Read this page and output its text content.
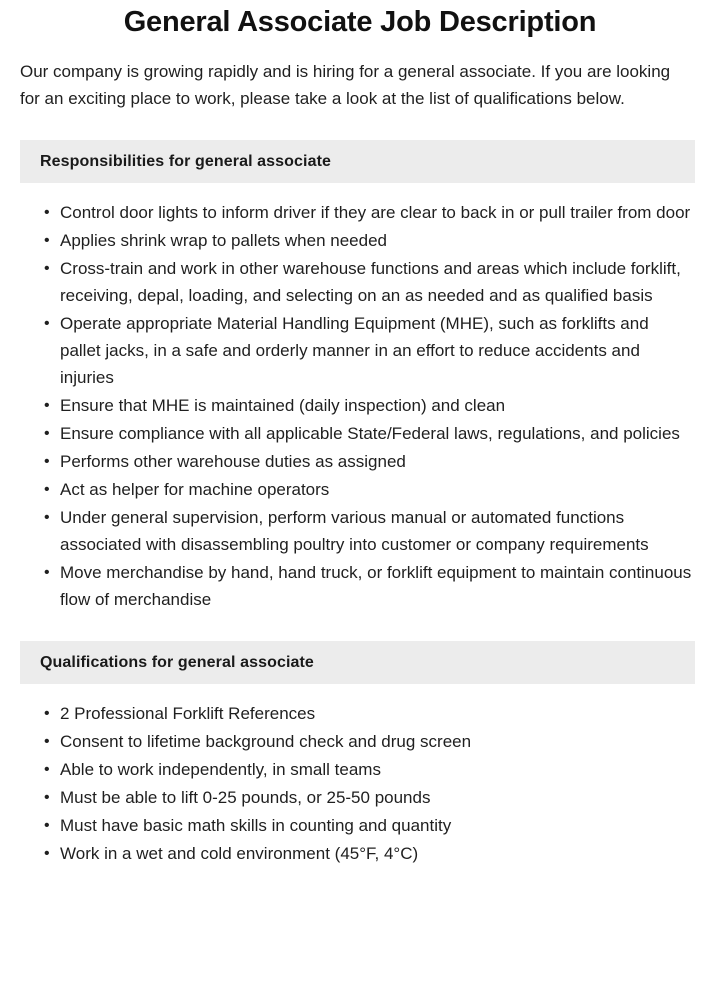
General Associate Job Description

Our company is growing rapidly and is hiring for a general associate. If you are looking for an exciting place to work, please take a look at the list of qualifications below.

Responsibilities for general associate
• Control door lights to inform driver if they are clear to back in or pull trailer from door
• Applies shrink wrap to pallets when needed
• Cross-train and work in other warehouse functions and areas which include forklift, receiving, depal, loading, and selecting on an as needed and as qualified basis
• Operate appropriate Material Handling Equipment (MHE), such as forklifts and pallet jacks, in a safe and orderly manner in an effort to reduce accidents and injuries
• Ensure that MHE is maintained (daily inspection) and clean
• Ensure compliance with all applicable State/Federal laws, regulations, and policies
• Performs other warehouse duties as assigned
• Act as helper for machine operators
• Under general supervision, perform various manual or automated functions associated with disassembling poultry into customer or company requirements
• Move merchandise by hand, hand truck, or forklift equipment to maintain continuous flow of merchandise
Qualifications for general associate
• 2 Professional Forklift References
• Consent to lifetime background check and drug screen
• Able to work independently, in small teams
• Must be able to lift 0-25 pounds, or 25-50 pounds
• Must have basic math skills in counting and quantity
• Work in a wet and cold environment (45°F, 4°C)
